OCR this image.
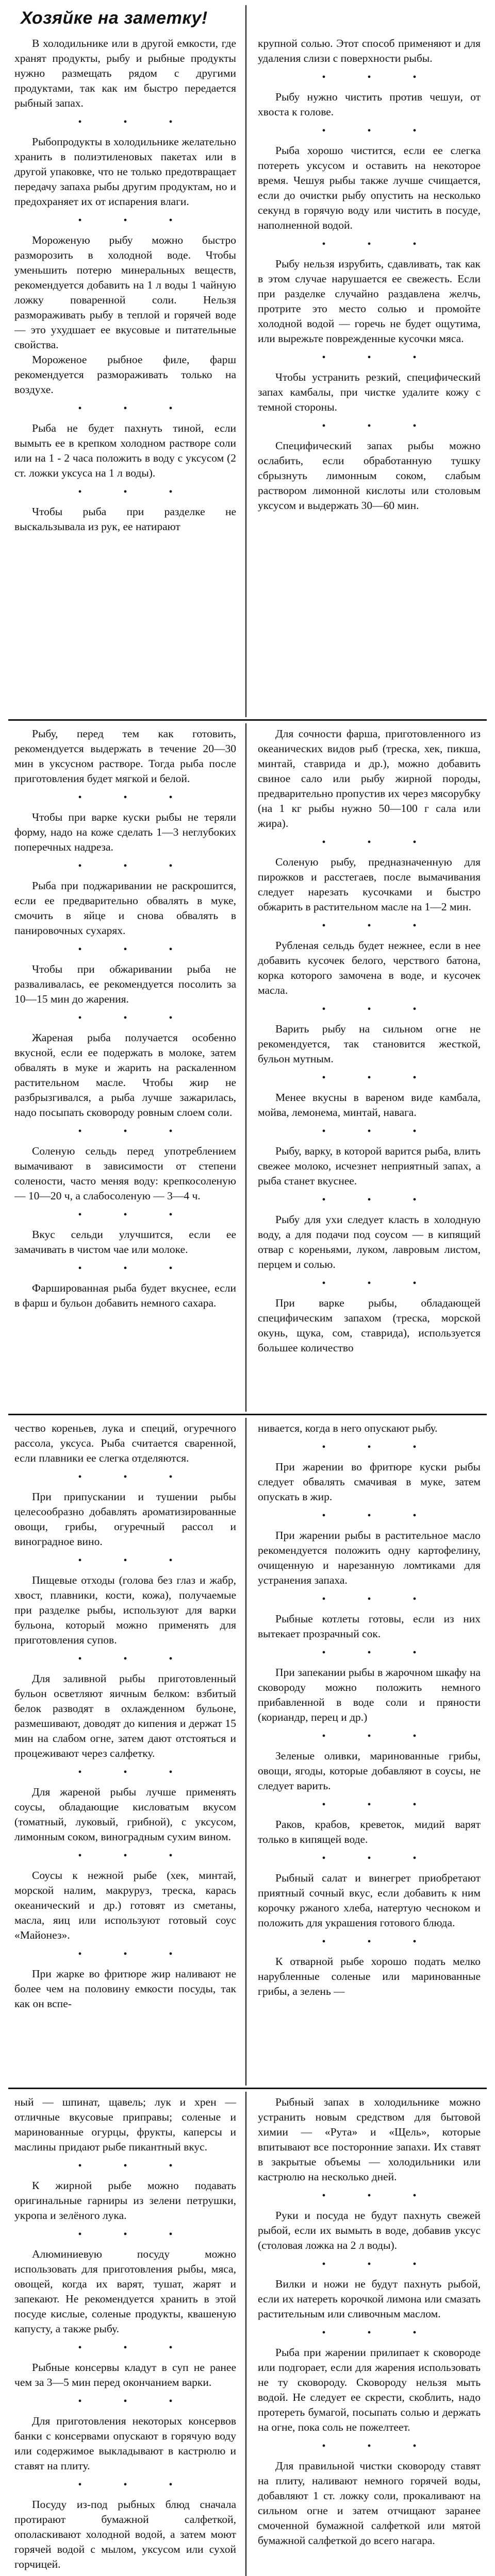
Хозяйке на заметку!

В холодильнике или в другой емкости, где хранят продукты, рыбу и рыбные продукты нужно размещать рядом с другими продуктами, так как им быстро передается рыбный запах.

• • •

Рыбопродукты в холодильнике желательно хранить в полиэтиленовых пакетах или в другой упаковке, что не только предотвращает передачу запаха рыбы другим продуктам, но и предохраняет их от испарения влаги.

• • •

Мороженую рыбу можно быстро разморозить в холодной воде. Чтобы уменьшить потерю минеральных веществ, рекомендуется добавить на 1 л воды 1 чайную ложку поваренной соли. Нельзя размораживать рыбу в теплой и горячей воде — это ухудшает ее вкусовые и питательные свойства.

Мороженое рыбное филе, фарш рекомендуется размораживать только на воздухе.

• • •

Рыба не будет пахнуть тиной, если вымыть ее в крепком холодном растворе соли или на 1 - 2 часа положить в воду с уксусом (2 ст. ложки уксуса на 1 л воды).

• • •

Чтобы рыба при разделке не выскальзывала из рук, ее натирают

крупной солью. Этот способ применяют и для удаления слизи с поверхности рыбы.

• • •

Рыбу нужно чистить против чешуи, от хвоста к голове.

• • •

Рыба хорошо чистится, если ее слегка потереть уксусом и оставить на некоторое время. Чешуя рыбы также лучше счищается, если до очистки рыбу опустить на несколько секунд в горячую воду или чистить в посуде, наполненной водой.

• • •

Рыбу нельзя изрубить, сдавливать, так как в этом случае нарушается ее свежесть. Если при разделке случайно раздавлена желчь, протрите это место солью и промойте холодной водой — горечь не будет ощутима, или вырежьте поврежденные кусочки мяса.

• • •

Чтобы устранить резкий, специфический запах камбалы, при чистке удалите кожу с темной стороны.

• • •

Специфический запах рыбы можно ослабить, если обработанную тушку сбрызнуть лимонным соком, слабым раствором лимонной кислоты или столовым уксусом и выдержать 30—60 мин.

Рыбу, перед тем как готовить, рекомендуется выдержать в течение 20—30 мин в уксусном растворе. Тогда рыба после приготовления будет мягкой и белой.

• • •

Чтобы при варке куски рыбы не теряли форму, надо на коже сделать 1—3 неглубоких поперечных надреза.

• • •

Рыба при поджаривании не раскрошится, если ее предварительно обвалять в муке, смочить в яйце и снова обвалять в панировочных сухарях.

• • •

Чтобы при обжаривании рыба не разваливалась, ее рекомендуется посолить за 10—15 мин до жарения.

• • •

Жареная рыба получается особенно вкусной, если ее подержать в молоке, затем обвалять в муке и жарить на раскаленном растительном масле. Чтобы жир не разбрызгивался, а рыба лучше зажарилась, надо посыпать сковороду ровным слоем соли.

• • •

Соленую сельдь перед употреблением вымачивают в зависимости от степени солености, часто меняя воду: крепкосоленую — 10—20 ч, а слабосоленую — 3—4 ч.

• • •

Вкус сельди улучшится, если ее замачивать в чистом чае или молоке.

• • •

Фаршированная рыба будет вкуснее, если в фарш и бульон добавить немного сахара.

Для сочности фарша, приготовленного из океанических видов рыб (треска, хек, пикша, минтай, ставрида и др.), можно добавить свиное сало или рыбу жирной породы, предварительно пропустив их через мясорубку (на 1 кг рыбы нужно 50—100 г сала или жира).

• • •

Соленую рыбу, предназначенную для пирожков и расстегаев, после вымачивания следует нарезать кусочками и быстро обжарить в растительном масле на 1—2 мин.

• • •

Рубленая сельдь будет нежнее, если в нее добавить кусочек белого, черствого батона, корка которого замочена в воде, и кусочек масла.

• • •

Варить рыбу на сильном огне не рекомендуется, так становится жесткой, бульон мутным.

• • •

Менее вкусны в вареном виде камбала, мойва, лемонема, минтай, навага.

• • •

Рыбу, варку, в которой варится рыба, влить свежее молоко, исчезнет неприятный запах, а рыба станет вкуснее.

• • •

Рыбу для ухи следует класть в холодную воду, а для подачи под соусом — в кипящий отвар с кореньями, луком, лавровым листом, перцем и солью.

• • •

При варке рыбы, обладающей специфическим запахом (треска, морской окунь, щука, сом, ставрида), используется большее количество

чество кореньев, лука и специй, огуречного рассола, уксуса. Рыба считается сваренной, если плавники ее слегка отделяются.

• • •

При припускании и тушении рыбы целесообразно добавлять ароматизированные овощи, грибы, огуречный рассол и виноградное вино.

• • •

Пищевые отходы (голова без глаз и жабр, хвост, плавники, кости, кожа), получаемые при разделке рыбы, используют для варки бульона, который можно применять для приготовления супов.

• • •

Для заливной рыбы приготовленный бульон осветляют яичным белком: взбитый белок разводят в охлажденном бульоне, размешивают, доводят до кипения и держат 15 мин на слабом огне, затем дают отстояться и процеживают через салфетку.

• • •

Для жареной рыбы лучше применять соусы, обладающие кисловатым вкусом (томатный, луковый, грибной), с уксусом, лимонным соком, виноградным сухим вином.

• • •

Соусы к нежной рыбе (хек, минтай, морской налим, макруруз, треска, карась океанический и др.) готовят из сметаны, масла, яиц или используют готовый соус «Майонез».

• • •

При жарке во фритюре жир наливают не более чем на половину емкости посуды, так как он вспе-

нивается, когда в него опускают рыбу.

• • •

При жарении во фритюре куски рыбы следует обвалять смачивая в муке, затем опускать в жир.

• • •

При жарении рыбы в растительное масло рекомендуется положить одну картофелину, очищенную и нарезанную ломтиками для устранения запаха.

• • •

Рыбные котлеты готовы, если из них вытекает прозрачный сок.

• • •

При запекании рыбы в жарочном шкафу на сковороду можно положить немного прибавленной в воде соли и пряности (кориандр, перец и др.)

• • •

Зеленые оливки, маринованные грибы, овощи, ягоды, которые добавляют в соусы, не следует варить.

• • •

Раков, крабов, креветок, мидий варят только в кипящей воде.

• • •

Рыбный салат и винегрет приобретают приятный сочный вкус, если добавить к ним корочку ржаного хлеба, натертую чесноком и положить для украшения готового блюда.

• • •

К отварной рыбе хорошо подать мелко нарубленные соленые или маринованные грибы, а зелень —

ный — шпинат, щавель; лук и хрен — отличные вкусовые приправы; соленые и маринованные огурцы, фрукты, каперсы и маслины придают рыбе пикантный вкус.

• • •

К жирной рыбе можно подавать оригинальные гарниры из зелени петрушки, укропа и зелёного лука.

• • •

Алюминиевую посуду можно использовать для приготовления рыбы, мяса, овощей, когда их варят, тушат, жарят и запекают. Не рекомендуется хранить в этой посуде кислые, соленые продукты, квашеную капусту, а также рыбу.

• • •

Рыбные консервы кладут в суп не ранее чем за 3—5 мин перед окончанием варки.

• • •

Для приготовления некоторых консервов банки с консервами опускают в горячую воду или содержимое выкладывают в кастрюлю и ставят на плиту.

• • •

Посуду из-под рыбных блюд сначала протирают бумажной салфеткой, ополаскивают холодной водой, а затем моют горячей водой с мылом, уксусом или сухой горчицей.

Рыбный запах в холодильнике можно устранить новым средством для бытовой химии — «Рута» и «Щель», которые впитывают все посторонние запахи. Их ставят в закрытые объемы — холодильники или кастрюлю на несколько дней.

• • •

Руки и посуда не будут пахнуть свежей рыбой, если их вымыть в воде, добавив уксус (столовая ложка на 2 л воды).

• • •

Вилки и ножи не будут пахнуть рыбой, если их натереть корочкой лимона или смазать растительным или сливочным маслом.

• • •

Рыба при жарении прилипает к сковороде или подгорает, если для жарения использовать не ту сковороду. Сковороду нельзя мыть водой. Не следует ее скрести, скоблить, надо протереть бумагой, посыпать солью и держать на огне, пока соль не пожелтеет.

• • •

Для правильной чистки сковороду ставят на плиту, наливают немного горячей воды, добавляют 1 ст. ложку соли, прокаливают на сильном огне и затем отчищают заранее смоченной бумажной салфеткой или мятой бумажной салфеткой до всего нагара.
